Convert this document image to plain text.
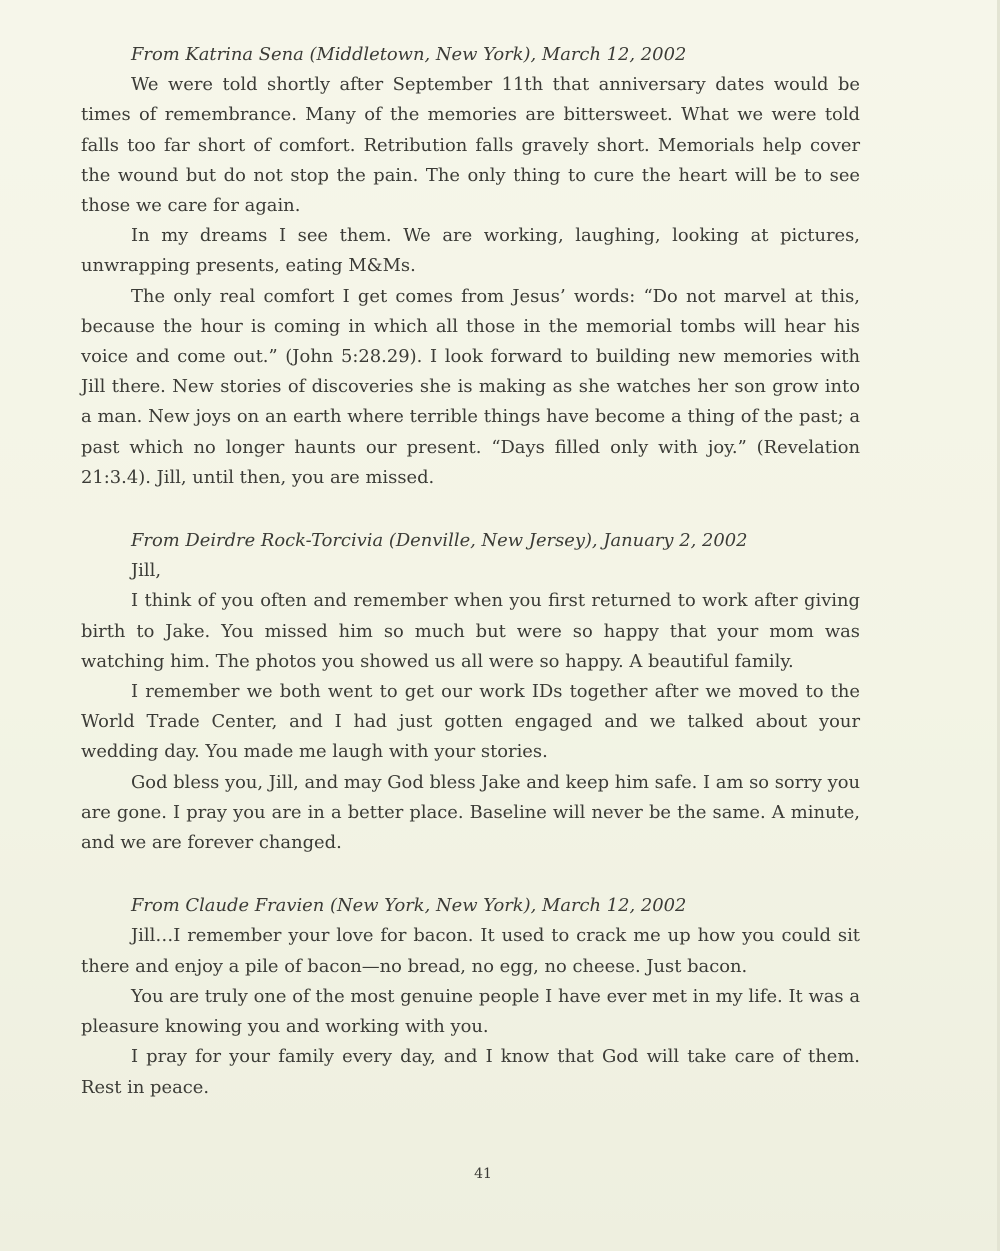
From Katrina Sena (Middletown, New York), March 12, 2002

We were told shortly after September 11th that anniversary dates would be times of remembrance. Many of the memories are bittersweet. What we were told falls too far short of comfort. Retribution falls gravely short. Memorials help cover the wound but do not stop the pain. The only thing to cure the heart will be to see those we care for again.

In my dreams I see them. We are working, laughing, looking at pictures, unwrapping presents, eating M&Ms.

The only real comfort I get comes from Jesus’ words: “Do not marvel at this, because the hour is coming in which all those in the memorial tombs will hear his voice and come out.” (John 5:28.29). I look forward to building new memories with Jill there. New stories of discoveries she is making as she watches her son grow into a man. New joys on an earth where terrible things have become a thing of the past; a past which no longer haunts our present. “Days filled only with joy.” (Revelation 21:3.4). Jill, until then, you are missed.

From Deirdre Rock-Torcivia (Denville, New Jersey), January 2, 2002

Jill,

I think of you often and remember when you first returned to work after giving birth to Jake. You missed him so much but were so happy that your mom was watching him. The photos you showed us all were so happy. A beautiful family.

I remember we both went to get our work IDs together after we moved to the World Trade Center, and I had just gotten engaged and we talked about your wedding day. You made me laugh with your stories.

God bless you, Jill, and may God bless Jake and keep him safe. I am so sorry you are gone. I pray you are in a better place. Baseline will never be the same. A minute, and we are forever changed.

From Claude Fravien (New York, New York), March 12, 2002

Jill…I remember your love for bacon. It used to crack me up how you could sit there and enjoy a pile of bacon—no bread, no egg, no cheese. Just bacon.

You are truly one of the most genuine people I have ever met in my life. It was a pleasure knowing you and working with you.

I pray for your family every day, and I know that God will take care of them. Rest in peace.

41
